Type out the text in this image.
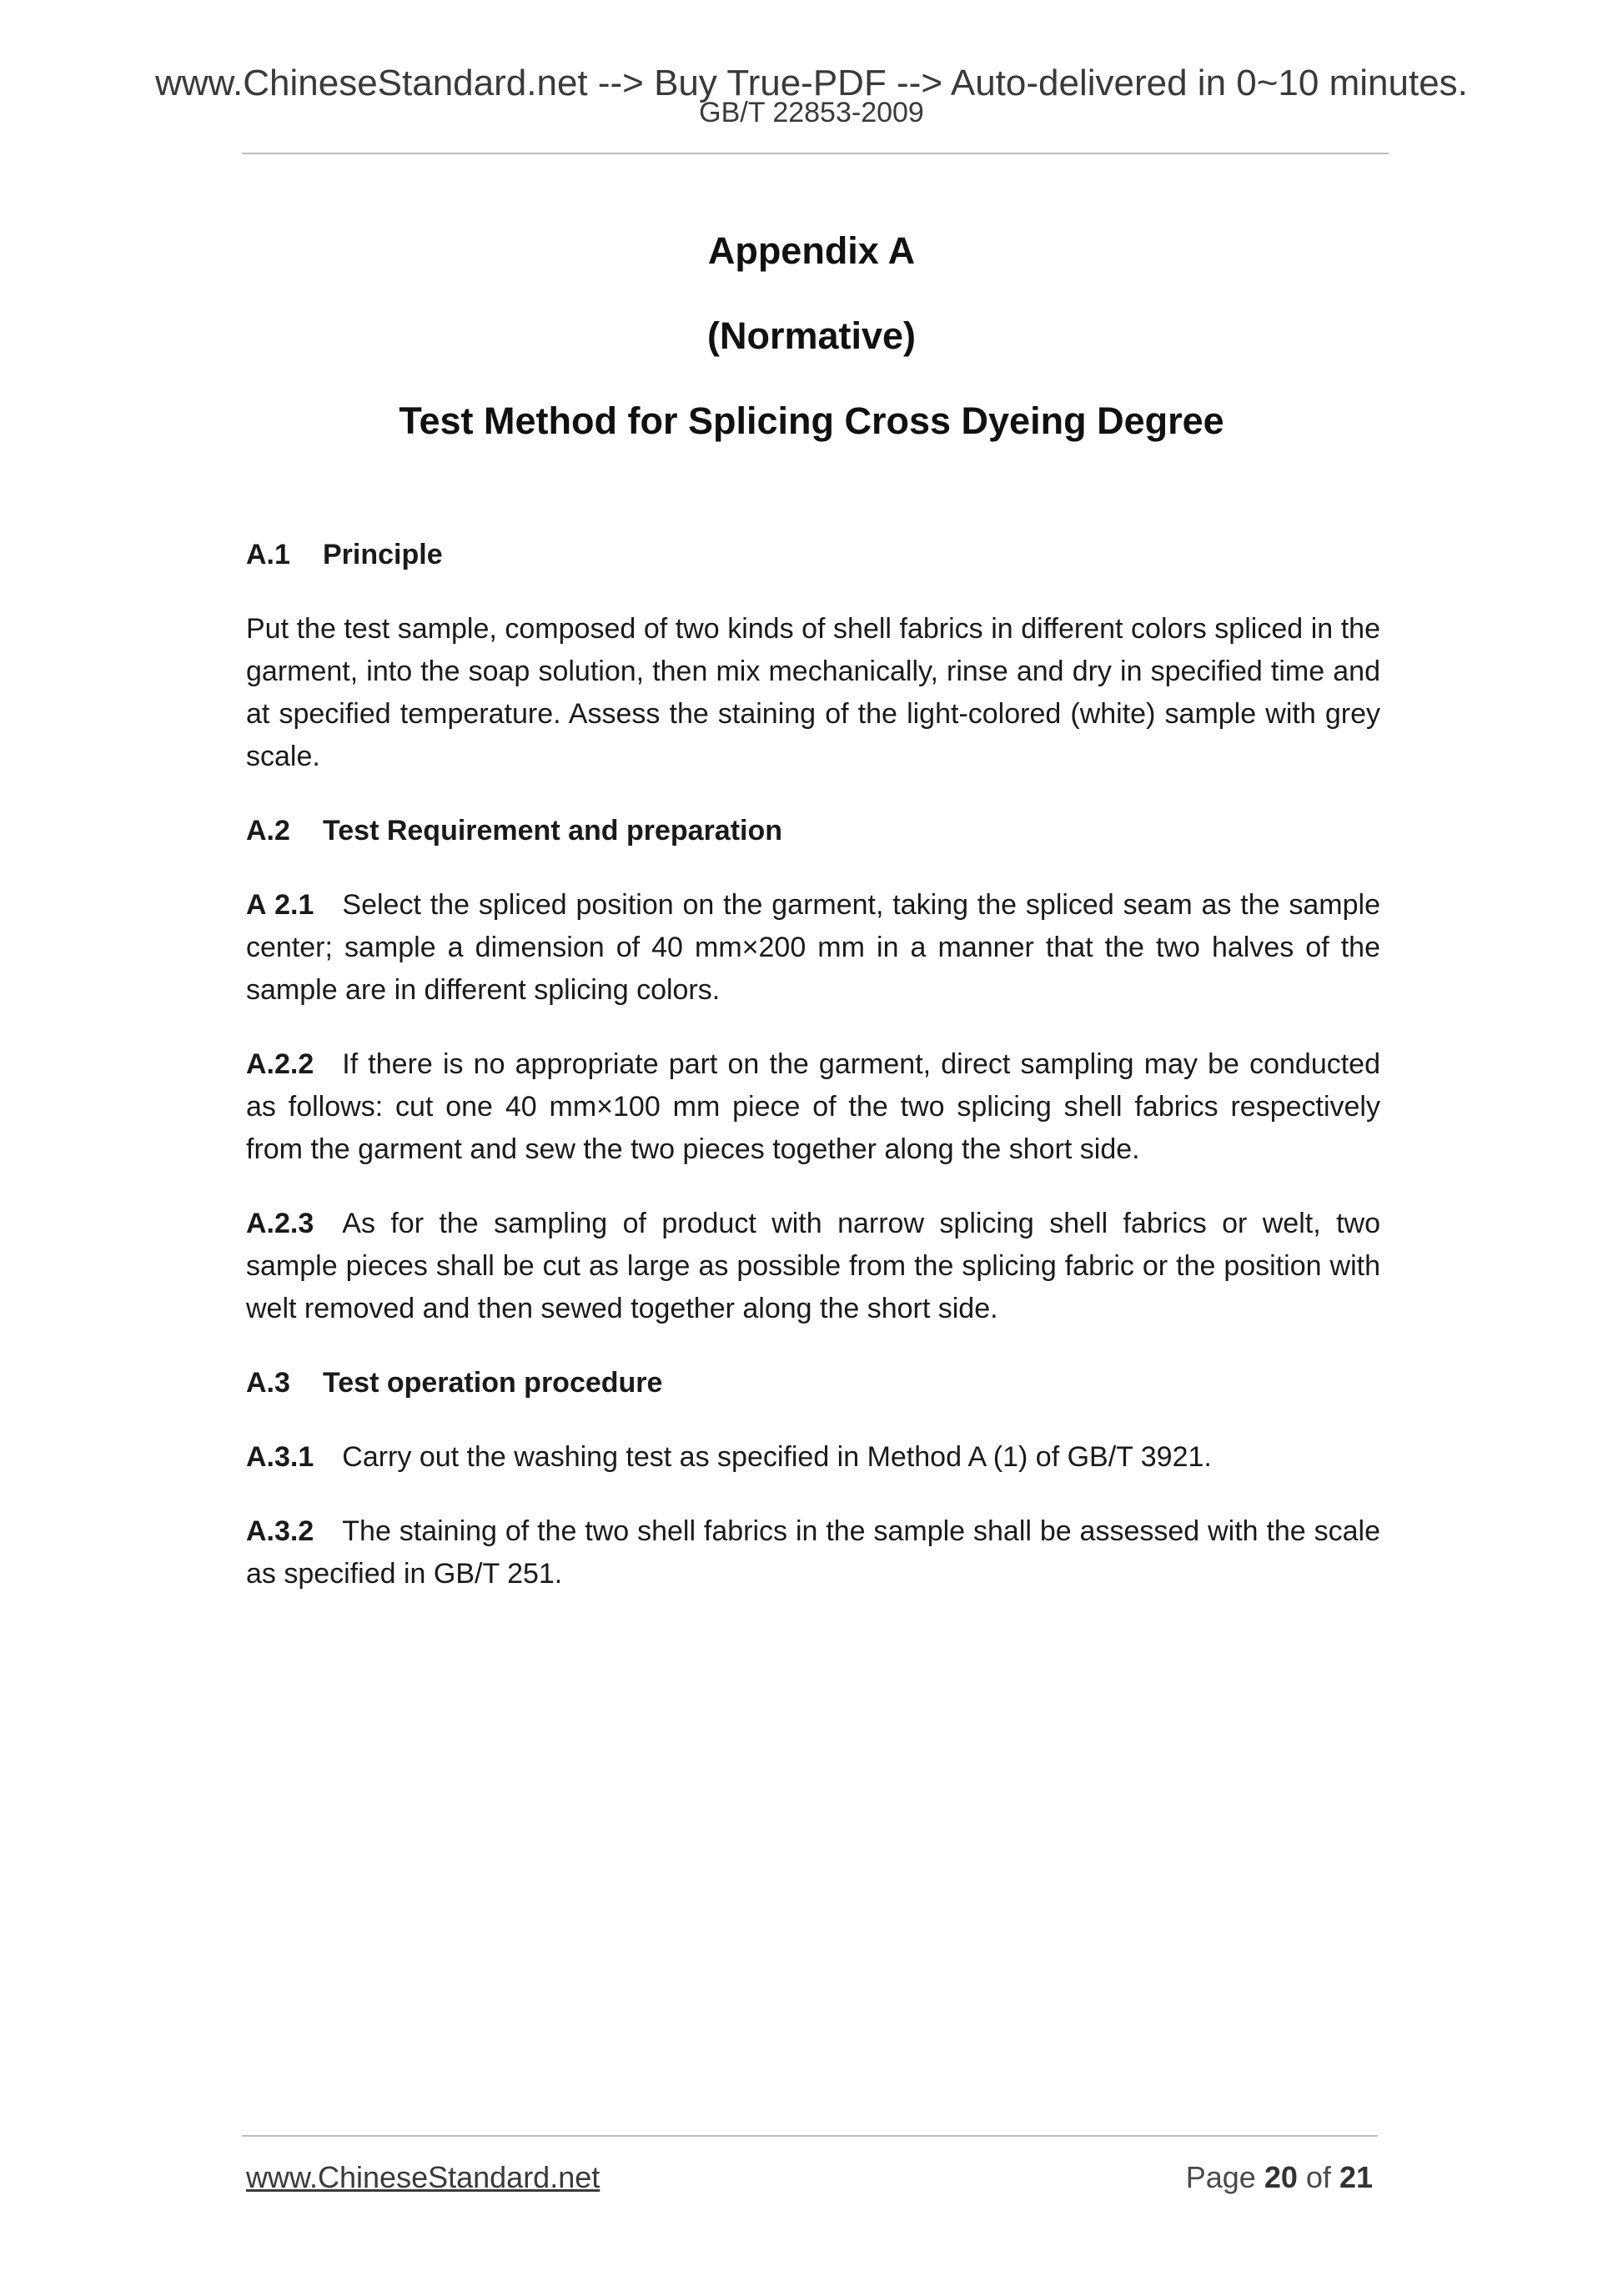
www.ChineseStandard.net --> Buy True-PDF --> Auto-delivered in 0~10 minutes.
GB/T 22853-2009
Appendix A
(Normative)
Test Method for Splicing Cross Dyeing Degree
A.1 Principle

Put the test sample, composed of two kinds of shell fabrics in different colors spliced in the garment, into the soap solution, then mix mechanically, rinse and dry in specified time and at specified temperature. Assess the staining of the light-colored (white) sample with grey scale.

A.2 Test Requirement and preparation

A 2.1 Select the spliced position on the garment, taking the spliced seam as the sample center; sample a dimension of 40 mm×200 mm in a manner that the two halves of the sample are in different splicing colors.

A.2.2 If there is no appropriate part on the garment, direct sampling may be conducted as follows: cut one 40 mm×100 mm piece of the two splicing shell fabrics respectively from the garment and sew the two pieces together along the short side.

A.2.3 As for the sampling of product with narrow splicing shell fabrics or welt, two sample pieces shall be cut as large as possible from the splicing fabric or the position with welt removed and then sewed together along the short side.

A.3 Test operation procedure

A.3.1 Carry out the washing test as specified in Method A (1) of GB/T 3921.

A.3.2 The staining of the two shell fabrics in the sample shall be assessed with the scale as specified in GB/T 251.

www.ChineseStandard.net	Page 20 of 21
